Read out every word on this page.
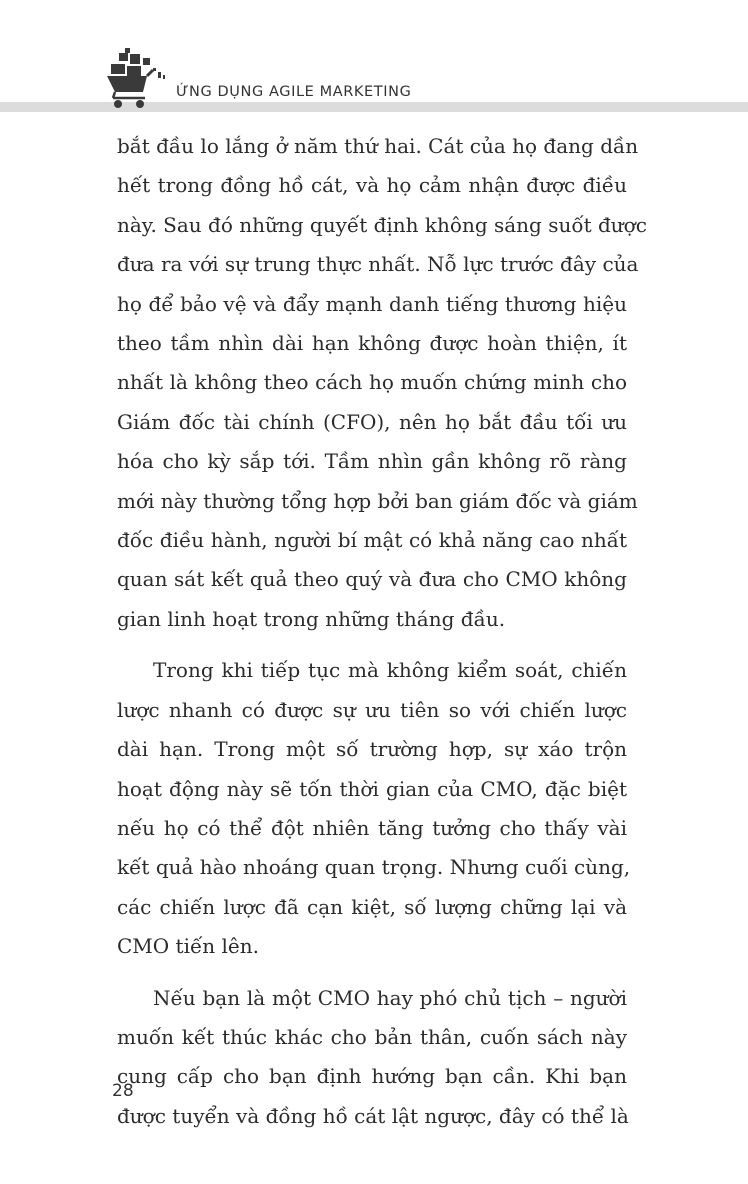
ỨNG DỤNG AGILE MARKETING

bắt đầu lo lắng ở năm thứ hai. Cát của họ đang dần
hết trong đồng hồ cát, và họ cảm nhận được điều
này. Sau đó những quyết định không sáng suốt được
đưa ra với sự trung thực nhất. Nỗ lực trước đây của
họ để bảo vệ và đẩy mạnh danh tiếng thương hiệu
theo tầm nhìn dài hạn không được hoàn thiện, ít
nhất là không theo cách họ muốn chứng minh cho
Giám đốc tài chính (CFO), nên họ bắt đầu tối ưu
hóa cho kỳ sắp tới. Tầm nhìn gần không rõ ràng
mới này thường tổng hợp bởi ban giám đốc và giám
đốc điều hành, người bí mật có khả năng cao nhất
quan sát kết quả theo quý và đưa cho CMO không
gian linh hoạt trong những tháng đầu.

Trong khi tiếp tục mà không kiểm soát, chiến
lược nhanh có được sự ưu tiên so với chiến lược
dài hạn. Trong một số trường hợp, sự xáo trộn
hoạt động này sẽ tốn thời gian của CMO, đặc biệt
nếu họ có thể đột nhiên tăng tưởng cho thấy vài
kết quả hào nhoáng quan trọng. Nhưng cuối cùng,
các chiến lược đã cạn kiệt, số lượng chững lại và
CMO tiến lên.

Nếu bạn là một CMO hay phó chủ tịch – người
muốn kết thúc khác cho bản thân, cuốn sách này
cung cấp cho bạn định hướng bạn cần. Khi bạn
được tuyển và đồng hồ cát lật ngược, đây có thể là

28
